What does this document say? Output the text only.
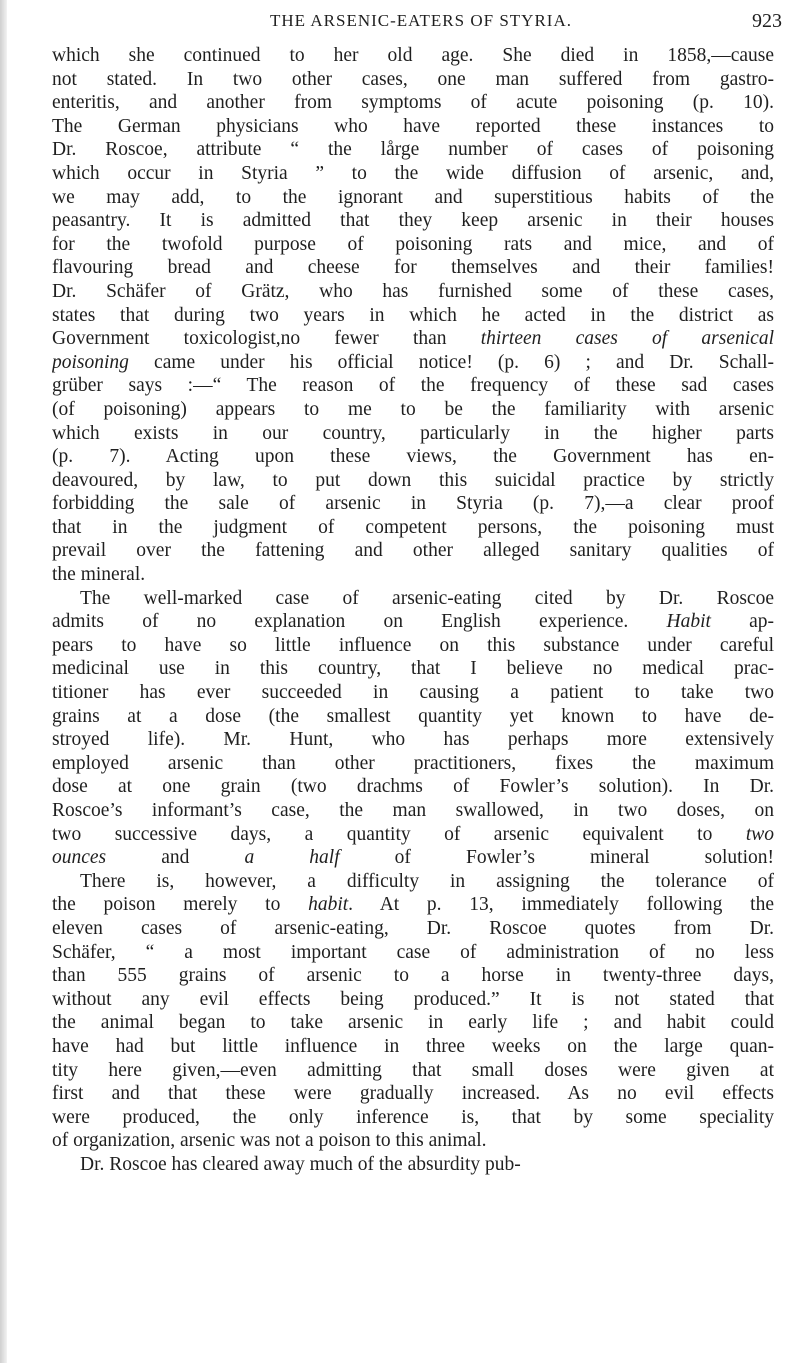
THE ARSENIC-EATERS OF STYRIA.	923
which she continued to her old age. She died in 1858,—cause
not stated. In two other cases, one man suffered from gastro-
enteritis, and another from symptoms of acute poisoning (p. 10).
The German physicians who have reported these instances to
Dr. Roscoe, attribute “ the lårge number of cases of poisoning
which occur in Styria ” to the wide diffusion of arsenic, and,
we may add, to the ignorant and superstitious habits of the
peasantry. It is admitted that they keep arsenic in their houses
for the twofold purpose of poisoning rats and mice, and of
flavouring bread and cheese for themselves and their families!
Dr. Schäfer of Grätz, who has furnished some of these cases,
states that during two years in which he acted in the district as
Government toxicologist,no fewer than thirteen cases of arsenical
poisoning came under his official notice! (p. 6) ; and Dr. Schall-
grüber says :—“ The reason of the frequency of these sad cases
(of poisoning) appears to me to be the familiarity with arsenic
which exists in our country, particularly in the higher parts
(p. 7). Acting upon these views, the Government has en-
deavoured, by law, to put down this suicidal practice by strictly
forbidding the sale of arsenic in Styria (p. 7),—a clear proof
that in the judgment of competent persons, the poisoning must
prevail over the fattening and other alleged sanitary qualities of
the mineral.
The well-marked case of arsenic-eating cited by Dr. Roscoe
admits of no explanation on English experience. Habit ap-
pears to have so little influence on this substance under careful
medicinal use in this country, that I believe no medical prac-
titioner has ever succeeded in causing a patient to take two
grains at a dose (the smallest quantity yet known to have de-
stroyed life). Mr. Hunt, who has perhaps more extensively
employed arsenic than other practitioners, fixes the maximum
dose at one grain (two drachms of Fowler’s solution). In Dr.
Roscoe’s informant’s case, the man swallowed, in two doses, on
two successive days, a quantity of arsenic equivalent to two
ounces and a half of Fowler’s mineral solution!
There is, however, a difficulty in assigning the tolerance of
the poison merely to habit. At p. 13, immediately following the
eleven cases of arsenic-eating, Dr. Roscoe quotes from Dr.
Schäfer, “ a most important case of administration of no less
than 555 grains of arsenic to a horse in twenty-three days,
without any evil effects being produced.” It is not stated that
the animal began to take arsenic in early life ; and habit could
have had but little influence in three weeks on the large quan-
tity here given,—even admitting that small doses were given at
first and that these were gradually increased. As no evil effects
were produced, the only inference is, that by some speciality
of organization, arsenic was not a poison to this animal.
Dr. Roscoe has cleared away much of the absurdity pub-
